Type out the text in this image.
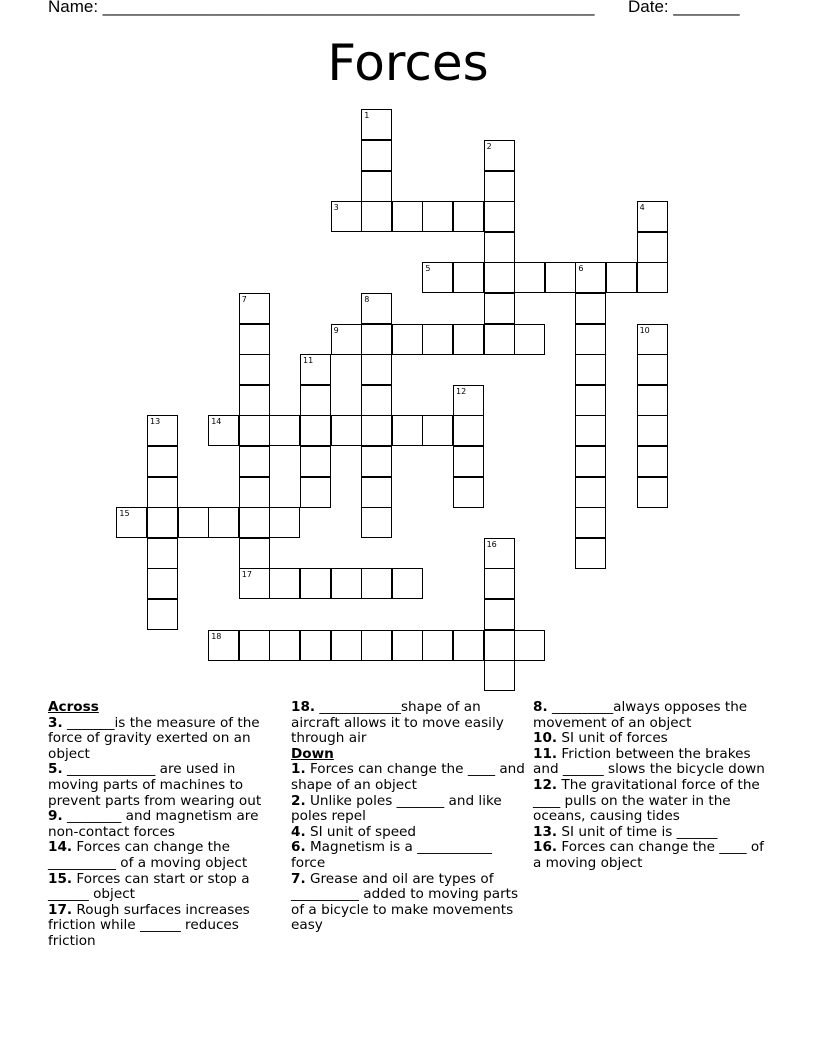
Name: ____________________________________________________ Date: _______
Forces
1
2
3	4
5	6
7
17
8
9	10
11
12
13	14
15
16
18
Across
3. _______is the measure of the force of gravity exerted on an object
5. _____________ are used in moving parts of machines to prevent parts from wearing out
9. ________ and magnetism are non-contact forces
14. Forces can change the __________ of a moving object
15. Forces can start or stop a ______ object
17. Rough surfaces increases friction while ______ reduces friction
18. ____________shape of an aircraft allows it to move easily through air
Down
1. Forces can change the ____ and shape of an object
2. Unlike poles _______ and like poles repel
4. SI unit of speed
6. Magnetism is a ___________ force
7. Grease and oil are types of __________ added to moving parts of a bicycle to make movements easy
8. _________always opposes the movement of an object
10. SI unit of forces
11. Friction between the brakes and ______ slows the bicycle down
12. The gravitational force of the ____ pulls on the water in the oceans, causing tides
13. SI unit of time is ______
16. Forces can change the ____ of a moving object
